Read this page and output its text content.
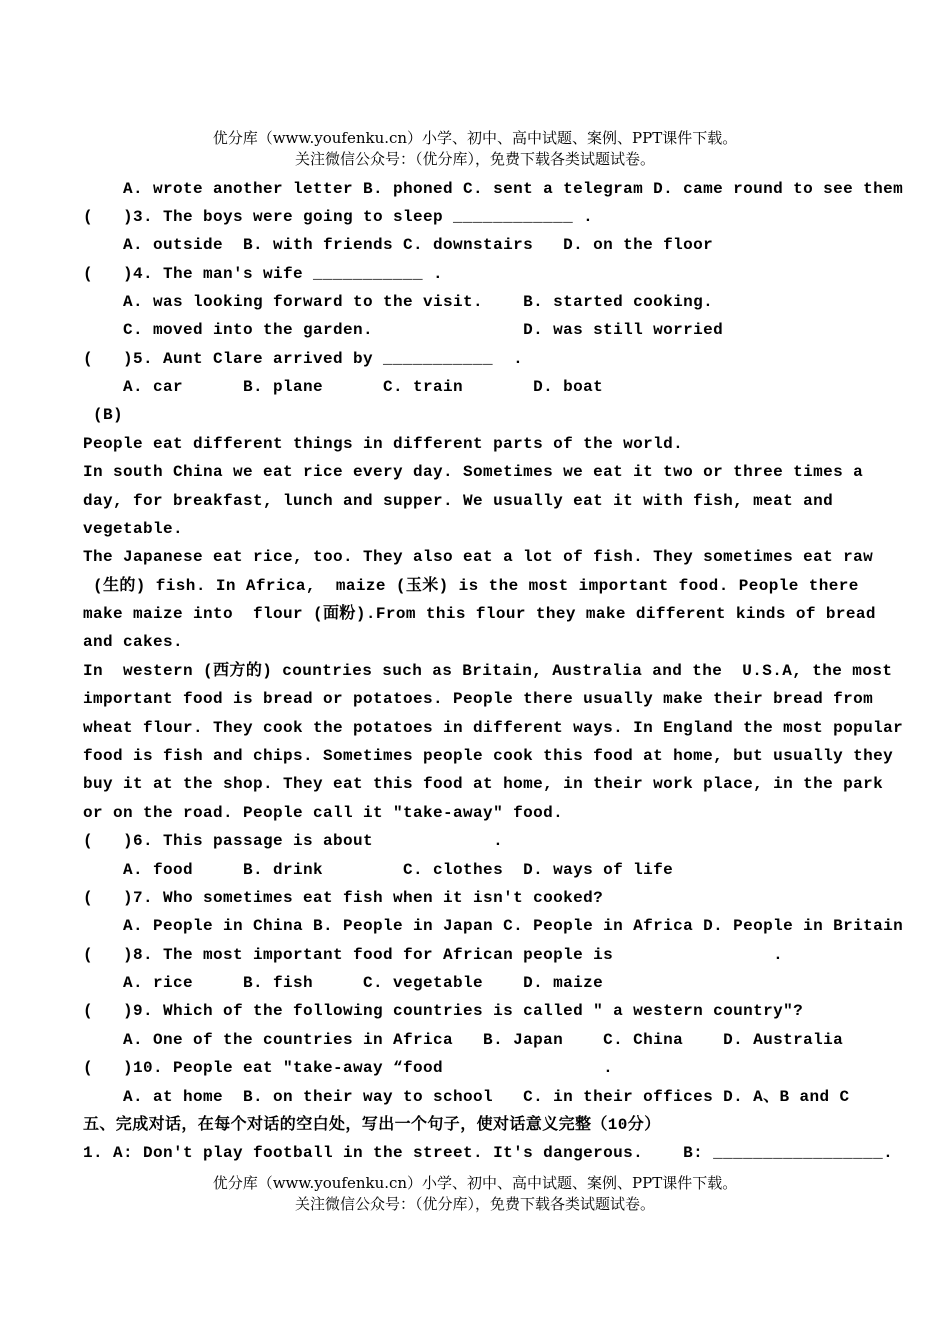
优分库（www.youfenku.cn）小学、初中、高中试题、案例、PPT课件下载。
关注微信公众号：（优分库），免费下载各类试题试卷。
A. wrote another letter B. phoned C. sent a telegram D. came round to see them
(   )3. The boys were going to sleep ____________ .
A. outside  B. with friends C. downstairs   D. on the floor
(   )4. The man's wife ___________ .
A. was looking forward to the visit.    B. started cooking.
C. moved into the garden.               D. was still worried
(   )5. Aunt Clare arrived by ___________  .
A. car      B. plane      C. train       D. boat
(B)
People eat different things in different parts of the world.
In south China we eat rice every day. Sometimes we eat it two or three times a
day, for breakfast, lunch and supper. We usually eat it with fish, meat and
vegetable.
The Japanese eat rice, too. They also eat a lot of fish. They sometimes eat raw
(生的) fish. In Africa,  maize (玉米) is the most important food. People there
make maize into  flour (面粉).From this flour they make different kinds of bread
and cakes.
In  western (西方的) countries such as Britain, Australia and the  U.S.A, the most
important food is bread or potatoes. People there usually make their bread from
wheat flour. They cook the potatoes in different ways. In England the most popular
food is fish and chips. Sometimes people cook this food at home, but usually they
buy it at the shop. They eat this food at home, in their work place, in the park
or on the road. People call it "take-away" food.
(   )6. This passage is about            .
A. food     B. drink        C. clothes  D. ways of life
(   )7. Who sometimes eat fish when it isn't cooked?
A. People in China B. People in Japan C. People in Africa D. People in Britain
(   )8. The most important food for African people is                .
A. rice     B. fish     C. vegetable    D. maize
(   )9. Which of the following countries is called " a western country"?
A. One of the countries in Africa   B. Japan    C. China    D. Australia
(   )10. People eat "take-away “food                .
A. at home  B. on their way to school   C. in their offices D. A、B and C
五、完成对话，在每个对话的空白处，写出一个句子，使对话意义完整（10分）
1. A: Don't play football in the street. It's dangerous.    B: _________________.
优分库（www.youfenku.cn）小学、初中、高中试题、案例、PPT课件下载。
关注微信公众号：（优分库），免费下载各类试题试卷。
